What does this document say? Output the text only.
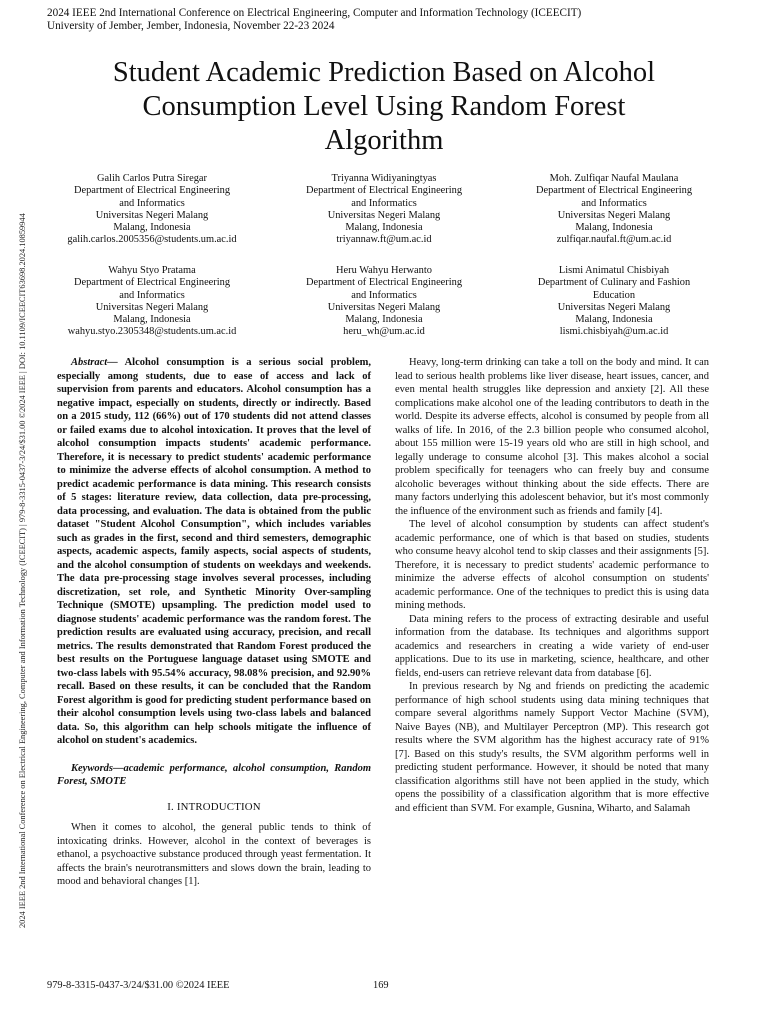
2024 IEEE 2nd International Conference on Electrical Engineering, Computer and Information Technology (ICEECIT)
University of Jember, Jember, Indonesia, November 22-23 2024
2024 IEEE 2nd International Conference on Electrical Engineering, Computer and Information Technology (ICEECIT) | 979-8-3315-0437-3/24/$31.00 ©2024 IEEE | DOI: 10.1109/ICEECIT63698.2024.10859944
Student Academic Prediction Based on Alcohol
Consumption Level Using Random Forest
Algorithm
Galih Carlos Putra Siregar
Department of Electrical Engineering
and Informatics
Universitas Negeri Malang
Malang, Indonesia
galih.carlos.2005356@students.um.ac.id
Triyanna Widiyaningtyas
Department of Electrical Engineering
and Informatics
Universitas Negeri Malang
Malang, Indonesia
triyannaw.ft@um.ac.id
Moh. Zulfiqar Naufal Maulana
Department of Electrical Engineering
and Informatics
Universitas Negeri Malang
Malang, Indonesia
zulfiqar.naufal.ft@um.ac.id
Wahyu Styo Pratama
Department of Electrical Engineering
and Informatics
Universitas Negeri Malang
Malang, Indonesia
wahyu.styo.2305348@students.um.ac.id
Heru Wahyu Herwanto
Department of Electrical Engineering
and Informatics
Universitas Negeri Malang
Malang, Indonesia
heru_wh@um.ac.id
Lismi Animatul Chisbiyah
Department of Culinary and Fashion
Education
Universitas Negeri Malang
Malang, Indonesia
lismi.chisbiyah@um.ac.id

Abstract— Alcohol consumption is a serious social problem, especially among students, due to ease of access and lack of supervision from parents and educators. Alcohol consumption has a negative impact, especially on students, directly or indirectly. Based on a 2015 study, 112 (66%) out of 170 students did not attend classes or failed exams due to alcohol intoxication. It proves that the level of alcohol consumption impacts students' academic performance. Therefore, it is necessary to predict students' academic performance to minimize the adverse effects of alcohol consumption. A method to predict academic performance is data mining. This research consists of 5 stages: literature review, data collection, data pre-processing, data processing, and evaluation. The data is obtained from the public dataset "Student Alcohol Consumption", which includes variables such as grades in the first, second and third semesters, demographic aspects, academic aspects, family aspects, social aspects of students, and the alcohol consumption of students on weekdays and weekends. The data pre-processing stage involves several processes, including discretization, set role, and Synthetic Minority Over-sampling Technique (SMOTE) upsampling. The prediction model used to diagnose students' academic performance was the random forest. The prediction results are evaluated using accuracy, precision, and recall metrics. The results demonstrated that Random Forest produced the best results on the Portuguese language dataset using SMOTE and two-class labels with 95.54% accuracy, 98.08% precision, and 92.90% recall. Based on these results, it can be concluded that the Random Forest algorithm is good for predicting student performance based on their alcohol consumption levels using two-class labels and balanced data. So, this algorithm can help schools mitigate the influence of alcohol on student's academics.

Keywords—academic performance, alcohol consumption, Random Forest, SMOTE

I. INTRODUCTION

When it comes to alcohol, the general public tends to think of intoxicating drinks. However, alcohol in the context of beverages is ethanol, a psychoactive substance produced through yeast fermentation. It affects the brain's neurotransmitters and slows down the brain, leading to mood and behavioral changes [1].

Heavy, long-term drinking can take a toll on the body and mind. It can lead to serious health problems like liver disease, heart issues, cancer, and even mental health struggles like depression and anxiety [2]. All these complications make alcohol one of the leading contributors to death in the world. Despite its adverse effects, alcohol is consumed by people from all walks of life. In 2016, of the 2.3 billion people who consumed alcohol, about 155 million were 15-19 years old who are still in high school, and legally underage to consume alcohol [3]. This makes alcohol a social problem specifically for teenagers who can freely buy and consume alcoholic beverages without thinking about the side effects. There are many factors underlying this adolescent behavior, but it's most commonly the influence of the environment such as friends and family [4].

The level of alcohol consumption by students can affect student's academic performance, one of which is that based on studies, students who consume heavy alcohol tend to skip classes and their assignments [5]. Therefore, it is necessary to predict students' academic performance to minimize the adverse effects of alcohol consumption on students' academic performance. One of the techniques to predict this is using data mining methods.

Data mining refers to the process of extracting desirable and useful information from the database. Its techniques and algorithms support academics and researchers in creating a wide variety of end-user applications. Due to its use in marketing, science, healthcare, and other fields, end-users can retrieve relevant data from database [6].

In previous research by Ng and friends on predicting the academic performance of high school students using data mining techniques that compare several algorithms namely Support Vector Machine (SVM), Naive Bayes (NB), and Multilayer Perceptron (MP). This research got results where the SVM algorithm has the highest accuracy rate of 91% [7]. Based on this study's results, the SVM algorithm performs well in predicting student performance. However, it should be noted that many classification algorithms still have not been applied in the study, which opens the possibility of a classification algorithm that is more effective and efficient than SVM. For example, Gusnina, Wiharto, and Salamah

979-8-3315-0437-3/24/$31.00 ©2024 IEEE	169
